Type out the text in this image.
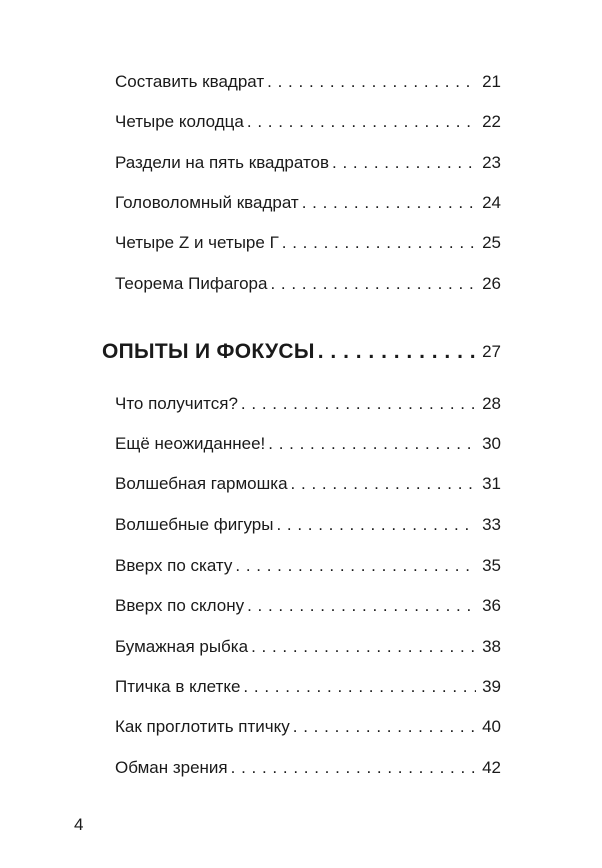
Составить квадрат . . .	21
Четыре колодца . . .	22
Раздели на пять квадратов . . .	23
Головоломный квадрат . . .	24
Четыре Z и четыре Г . . .	25
Теорема Пифагора . . .	26
ОПЫТЫ И ФОКУСЫ . . .	27
Что получится? . . .	28
Ещё неожиданнее! . . .	30
Волшебная гармошка . . .	31
Волшебные фигуры . . .	33
Вверх по скату . . .	35
Вверх по склону . . .	36
Бумажная рыбка . . .	38
Птичка в клетке . . .	39
Как проглотить птичку . . .	40
Обман зрения . . .	42
4
